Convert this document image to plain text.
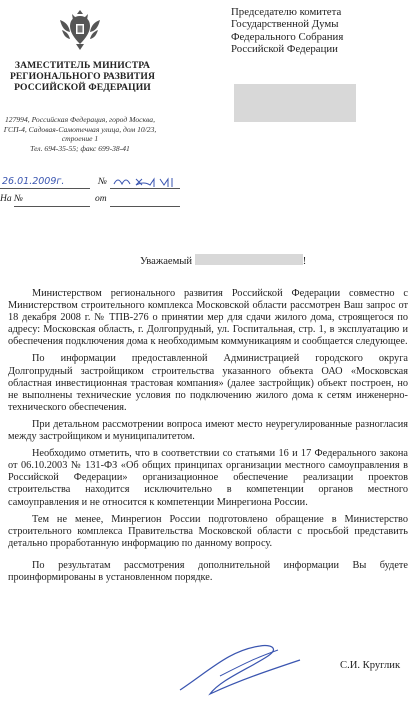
ЗАМЕСТИТЕЛЬ МИНИСТРА
РЕГИОНАЛЬНОГО РАЗВИТИЯ
РОССИЙСКОЙ ФЕДЕРАЦИИ
127994, Российская Федерация, город Москва,
ГСП-4, Садовая-Самотечная улица, дом 10/23,
строение 1
Тел. 694-35-55; факс 699-38-41
Председателю комитета
Государственной Думы
Федерального Собрания
Российской Федерации
26.01.2009г.	№
На №	от
Уважаемый	!

Министерством регионального развития Российской Федерации совместно с Министерством строительного комплекса Московской области рассмотрен Ваш запрос от 18 декабря 2008 г. № ТПВ-276 о принятии мер для сдачи жилого дома, строящегося по адресу: Московская область, г. Долгопрудный, ул. Госпитальная, стр. 1, в эксплуатацию и обеспечения подключения дома к необходимым коммуникациям и сообщается следующее.

По информации предоставленной Администрацией городского округа Долгопрудный застройщиком строительства указанного объекта ОАО «Московская областная инвестиционная трастовая компания» (далее застройщик) объект построен, но не выполнены технические условия по подключению жилого дома к сетям инженерно-технического обеспечения.

При детальном рассмотрении вопроса имеют место неурегулированные разногласия между застройщиком и муниципалитетом.

Необходимо отметить, что в соответствии со статьями 16 и 17 Федерального закона от 06.10.2003 № 131-ФЗ «Об общих принципах организации местного самоуправления в Российской Федерации» организационное обеспечение реализации проектов строительства находится исключительно в компетенции органов местного самоуправления и не относится к компетенции Минрегиона России.

Тем не менее, Минрегион России подготовлено обращение в Министерство строительного комплекса Правительства Московской области с просьбой представить детально проработанную информацию по данному вопросу.

По результатам рассмотрения дополнительной информации Вы будете проинформированы в установленном порядке.

С.И. Круглик
